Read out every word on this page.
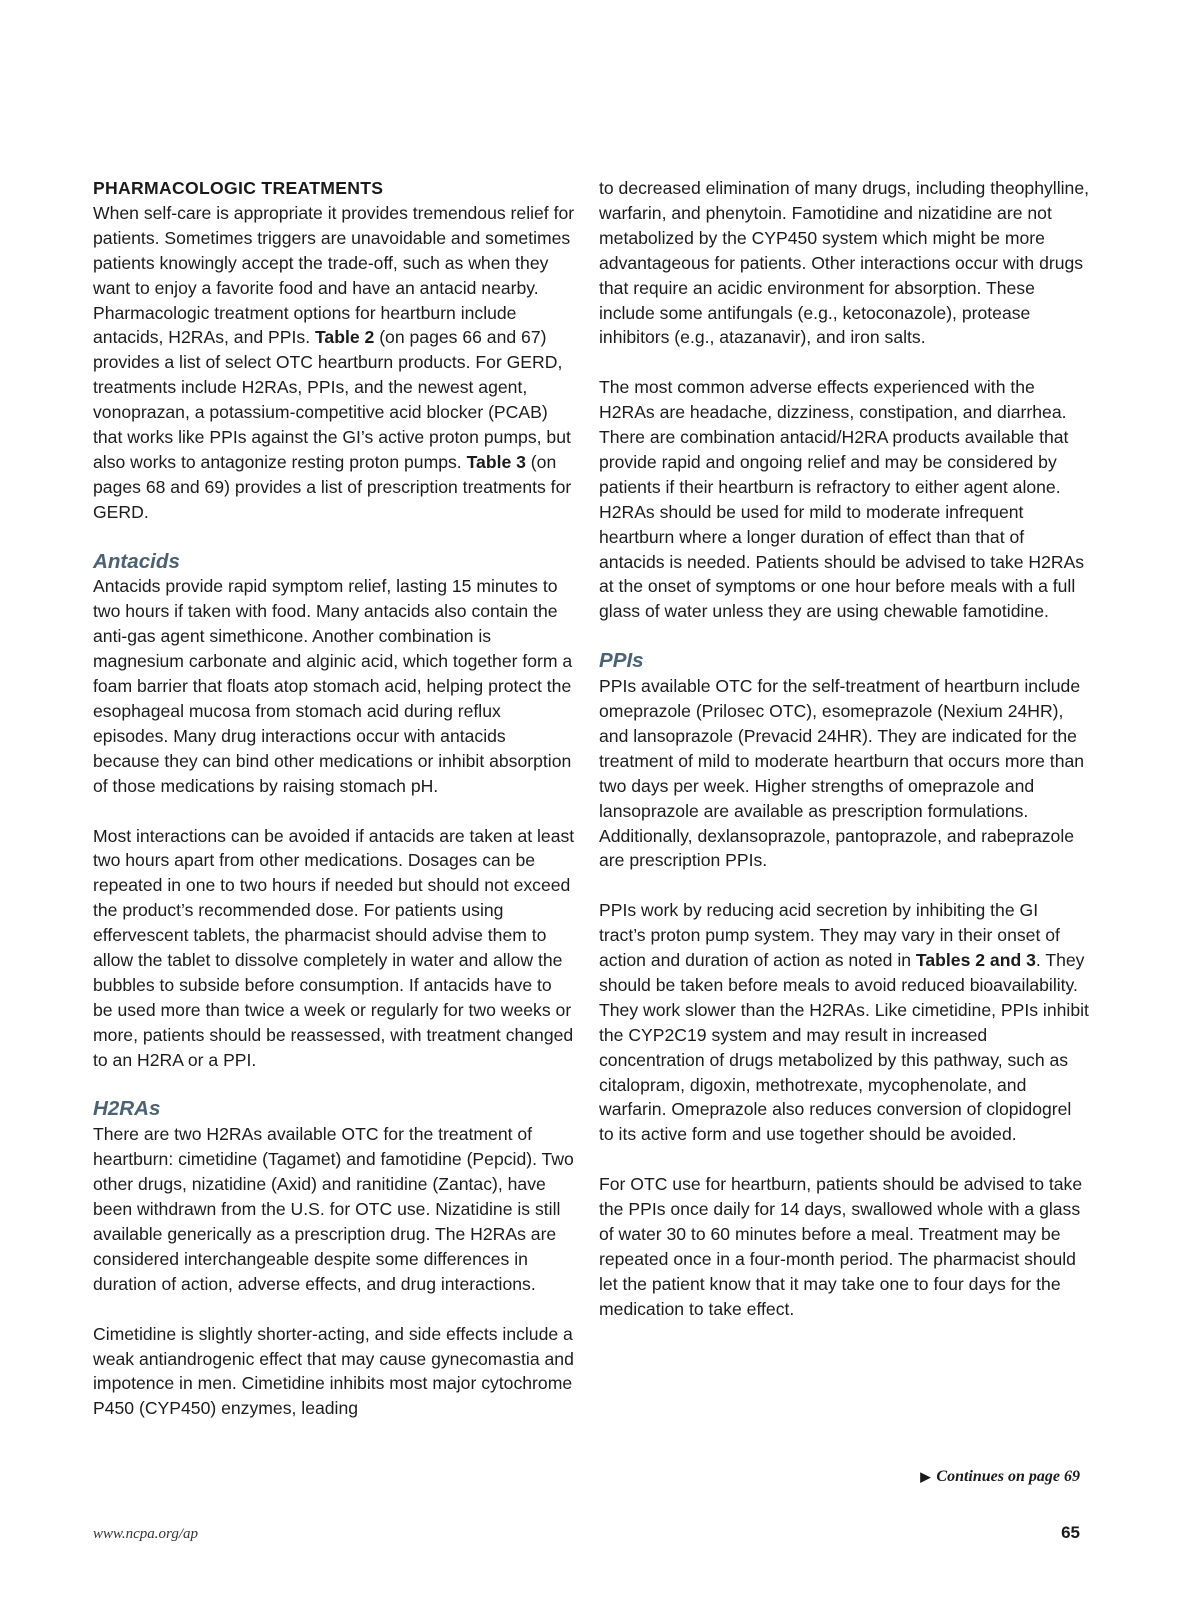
PHARMACOLOGIC TREATMENTS

When self-care is appropriate it provides tremendous relief for patients. Sometimes triggers are unavoidable and sometimes patients knowingly accept the trade-off, such as when they want to enjoy a favorite food and have an antacid nearby. Pharmacologic treatment options for heartburn include antacids, H2RAs, and PPIs. Table 2 (on pages 66 and 67) provides a list of select OTC heartburn products. For GERD, treatments include H2RAs, PPIs, and the newest agent, vonoprazan, a potassium-competitive acid blocker (PCAB) that works like PPIs against the GI’s active proton pumps, but also works to antagonize resting proton pumps. Table 3 (on pages 68 and 69) provides a list of prescription treatments for GERD.

Antacids

Antacids provide rapid symptom relief, lasting 15 minutes to two hours if taken with food. Many antacids also contain the anti-gas agent simethicone. Another combination is magnesium carbonate and alginic acid, which together form a foam barrier that floats atop stomach acid, helping protect the esophageal mucosa from stomach acid during reflux episodes. Many drug interactions occur with antacids because they can bind other medications or inhibit absorption of those medications by raising stomach pH.

Most interactions can be avoided if antacids are taken at least two hours apart from other medications. Dosages can be repeated in one to two hours if needed but should not exceed the product’s recommended dose. For patients using effervescent tablets, the pharmacist should advise them to allow the tablet to dissolve completely in water and allow the bubbles to subside before consumption. If antacids have to be used more than twice a week or regularly for two weeks or more, patients should be reassessed, with treatment changed to an H2RA or a PPI.

H2RAs

There are two H2RAs available OTC for the treatment of heartburn: cimetidine (Tagamet) and famotidine (Pepcid). Two other drugs, nizatidine (Axid) and ranitidine (Zantac), have been withdrawn from the U.S. for OTC use. Nizatidine is still available generically as a prescription drug. The H2RAs are considered interchangeable despite some differences in duration of action, adverse effects, and drug interactions.

Cimetidine is slightly shorter-acting, and side effects include a weak antiandrogenic effect that may cause gynecomastia and impotence in men. Cimetidine inhibits most major cytochrome P450 (CYP450) enzymes, leading

to decreased elimination of many drugs, including theophylline, warfarin, and phenytoin. Famotidine and nizatidine are not metabolized by the CYP450 system which might be more advantageous for patients. Other interactions occur with drugs that require an acidic environment for absorption. These include some antifungals (e.g., ketoconazole), protease inhibitors (e.g., atazanavir), and iron salts.

The most common adverse effects experienced with the H2RAs are headache, dizziness, constipation, and diarrhea. There are combination antacid/H2RA products available that provide rapid and ongoing relief and may be considered by patients if their heartburn is refractory to either agent alone. H2RAs should be used for mild to moderate infrequent heartburn where a longer duration of effect than that of antacids is needed. Patients should be advised to take H2RAs at the onset of symptoms or one hour before meals with a full glass of water unless they are using chewable famotidine.

PPIs

PPIs available OTC for the self-treatment of heartburn include omeprazole (Prilosec OTC), esomeprazole (Nexium 24HR), and lansoprazole (Prevacid 24HR). They are indicated for the treatment of mild to moderate heartburn that occurs more than two days per week. Higher strengths of omeprazole and lansoprazole are available as prescription formulations. Additionally, dexlansoprazole, pantoprazole, and rabeprazole are prescription PPIs.

PPIs work by reducing acid secretion by inhibiting the GI tract’s proton pump system. They may vary in their onset of action and duration of action as noted in Tables 2 and 3. They should be taken before meals to avoid reduced bioavailability. They work slower than the H2RAs. Like cimetidine, PPIs inhibit the CYP2C19 system and may result in increased concentration of drugs metabolized by this pathway, such as citalopram, digoxin, methotrexate, mycophenolate, and warfarin. Omeprazole also reduces conversion of clopidogrel to its active form and use together should be avoided.

For OTC use for heartburn, patients should be advised to take the PPIs once daily for 14 days, swallowed whole with a glass of water 30 to 60 minutes before a meal. Treatment may be repeated once in a four-month period. The pharmacist should let the patient know that it may take one to four days for the medication to take effect.

▶ Continues on page 69
www.ncpa.org/ap	65
